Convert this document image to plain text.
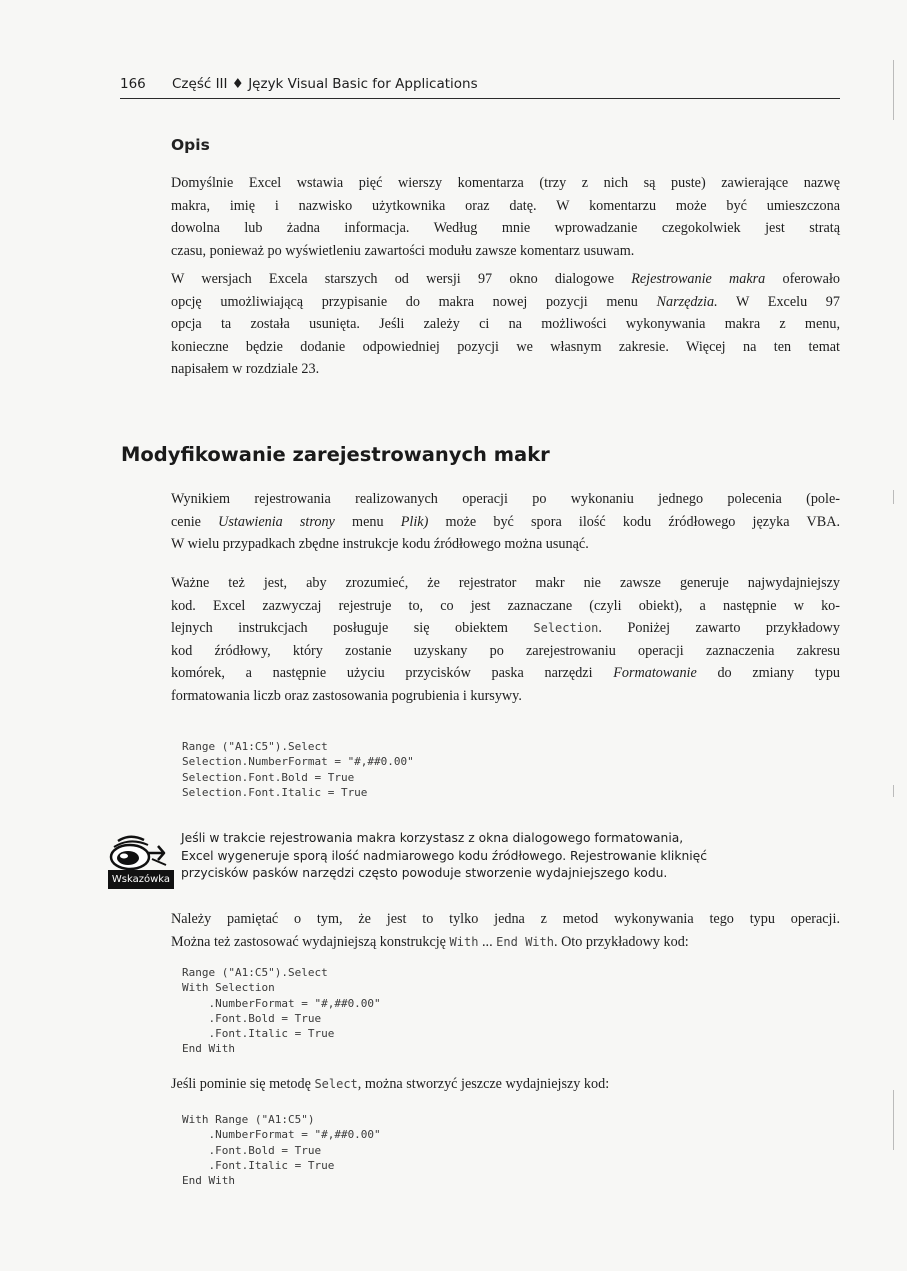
166 Część III ♦ Język Visual Basic for Applications
Opis

Domyślnie Excel wstawia pięć wierszy komentarza (trzy z nich są puste) zawierające nazwę
makra, imię i nazwisko użytkownika oraz datę. W komentarzu może być umieszczona
dowolna lub żadna informacja. Według mnie wprowadzanie czegokolwiek jest stratą
czasu, ponieważ po wyświetleniu zawartości modułu zawsze komentarz usuwam.

W wersjach Excela starszych od wersji 97 okno dialogowe Rejestrowanie makra oferowało
opcję umożliwiającą przypisanie do makra nowej pozycji menu Narzędzia. W Excelu 97
opcja ta została usunięta. Jeśli zależy ci na możliwości wykonywania makra z menu,
konieczne będzie dodanie odpowiedniej pozycji we własnym zakresie. Więcej na ten temat
napisałem w rozdziale 23.

Modyfikowanie zarejestrowanych makr

Wynikiem rejestrowania realizowanych operacji po wykonaniu jednego polecenia (pole-
cenie Ustawienia strony menu Plik) może być spora ilość kodu źródłowego języka VBA.
W wielu przypadkach zbędne instrukcje kodu źródłowego można usunąć.

Ważne też jest, aby zrozumieć, że rejestrator makr nie zawsze generuje najwydajniejszy
kod. Excel zazwyczaj rejestruje to, co jest zaznaczane (czyli obiekt), a następnie w ko-
lejnych instrukcjach posługuje się obiektem Selection. Poniżej zawarto przykładowy
kod źródłowy, który zostanie uzyskany po zarejestrowaniu operacji zaznaczenia zakresu
komórek, a następnie użyciu przycisków paska narzędzi Formatowanie do zmiany typu
formatowania liczb oraz zastosowania pogrubienia i kursywy.

Range ("A1:C5").Select
Selection.NumberFormat = "#,##0.00"
Selection.Font.Bold = True
Selection.Font.Italic = True
Wskazówka

Jeśli w trakcie rejestrowania makra korzystasz z okna dialogowego formatowania,
Excel wygeneruje sporą ilość nadmiarowego kodu źródłowego. Rejestrowanie kliknięć
przycisków pasków narzędzi często powoduje stworzenie wydajniejszego kodu.

Należy pamiętać o tym, że jest to tylko jedna z metod wykonywania tego typu operacji.
Można też zastosować wydajniejszą konstrukcję With ... End With. Oto przykładowy kod:

Range ("A1:C5").Select
With Selection
.NumberFormat = "#,##0.00"
.Font.Bold = True
.Font.Italic = True
End With

Jeśli pominie się metodę Select, można stworzyć jeszcze wydajniejszy kod:

With Range ("A1:C5")
.NumberFormat = "#,##0.00"
.Font.Bold = True
.Font.Italic = True
End With
